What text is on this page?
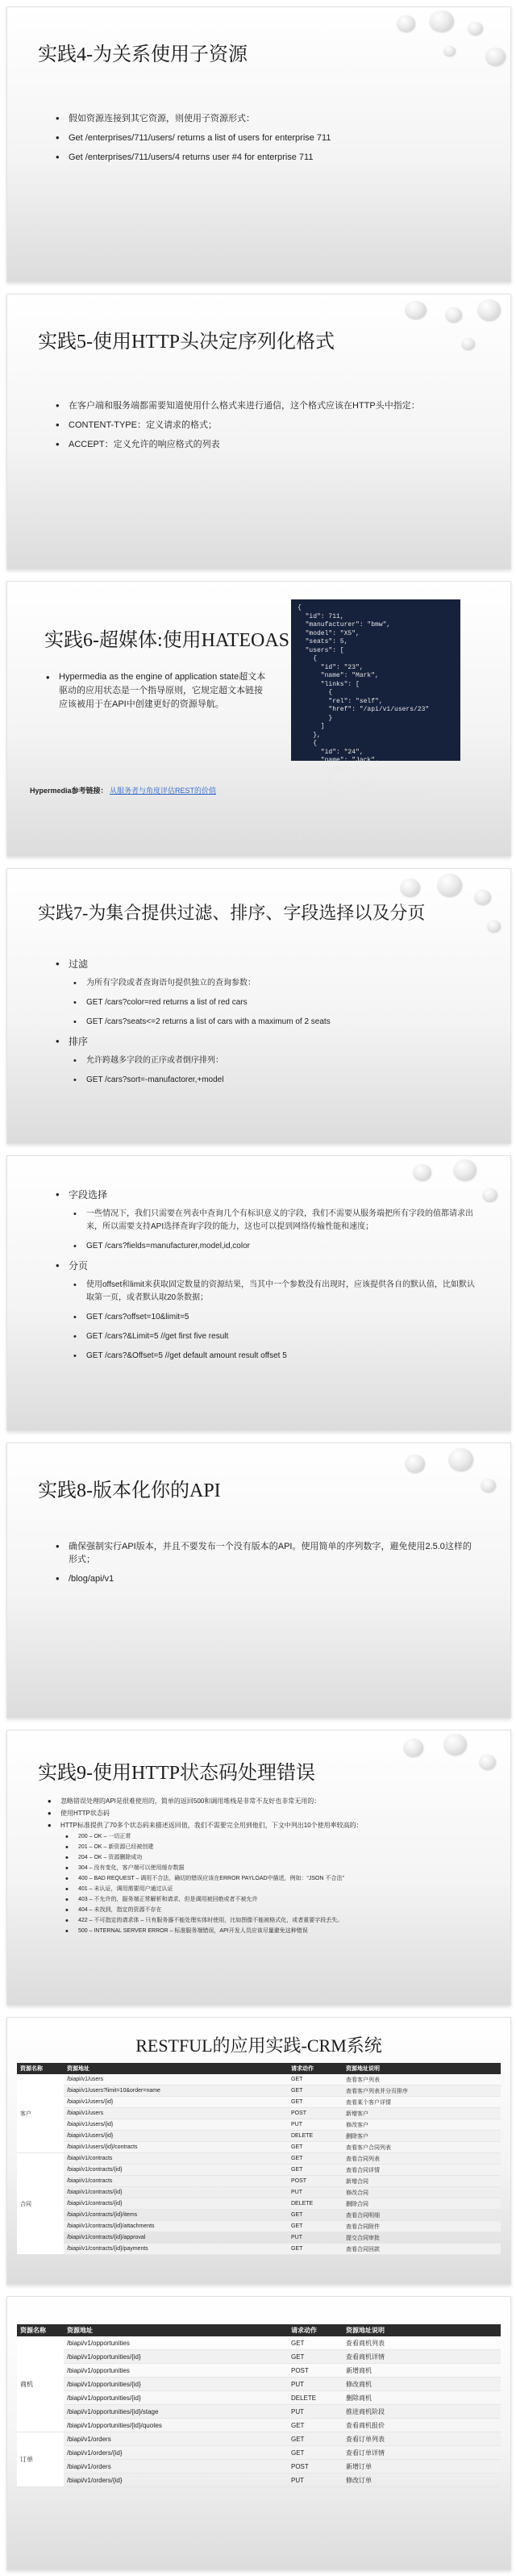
实践4-为关系使用子资源
• 假如资源连接到其它资源，则使用子资源形式：
• Get /enterprises/711/users/ returns a list of users for enterprise 711
• Get /enterprises/711/users/4 returns user #4 for enterprise 711
实践5-使用HTTP头决定序列化格式
• 在客户端和服务端都需要知道使用什么格式来进行通信，这个格式应该在HTTP头中指定：
• CONTENT-TYPE：定义请求的格式；
• ACCEPT：定义允许的响应格式的列表
实践6-超媒体:使用HATEOAS
• Hypermedia as the engine of application state超文本驱动的应用状态是一个指导原则，它规定超文本链接应该被用于在API中创建更好的资源导航。
Hypermedia参考链接： 从服务者与角度评估REST的价值
{
"id": 711,
"manufacturer": "bmw",
"model": "X5",
"seats": 5,
"users": [
{
"id": "23",
"name": "Mark",
"links": [
{
"rel": "self",
"href": "/api/v1/users/23"
}
]
},
{
"id": "24",
"name": "Jack",
"links": [
{
"rel": "self",
"href": "/api/v1/users/24"
}
]
}
]
}
实践7-为集合提供过滤、排序、字段选择以及分页
• 过滤
• 为所有字段或者查询语句提供独立的查询参数：
• GET /cars?color=red returns a list of red cars
• GET /cars?seats<=2 returns a list of cars with a maximum of 2 seats
• 排序
• 允许跨越多字段的正序或者倒序排列：
• GET /cars?sort=-manufactorer,+model
• 字段选择
• 一些情况下，我们只需要在列表中查询几个有标识意义的字段，我们不需要从服务端把所有字段的值都请求出来，所以需要支持API选择查询字段的能力，这也可以提到网络传输性能和速度；
• GET /cars?fields=manufacturer,model,id,color
• 分页
• 使用offset和limit来获取固定数量的资源结果，当其中一个参数没有出现时，应该提供各自的默认值，比如默认取第一页，或者默认取20条数据；
• GET /cars?offset=10&limit=5
• GET /cars?&Limit=5 //get first five result
• GET /cars?&Offset=5 //get default amount result offset 5
实践8-版本化你的API
• 确保强制实行API版本，并且不要发布一个没有版本的API。使用简单的序列数字，避免使用2.5.0这样的形式；
• /blog/api/v1
实践9-使用HTTP状态码处理错误
• 忽略错误处理的API是很难使用的，简单的返回500和调用堆栈是非常不友好也非常无用的：
• 使用HTTP状态码
• HTTP标准提供了70多个状态码来描述返回值，我们不需要完全用到他们，下文中列出10个使用率较高的：
• 200 – OK – 一切正常
• 201 – OK – 新资源已经被创建
• 204 – OK – 资源删除成功
• 304 – 没有变化，客户端可以使用缓存数据
• 400 – BAD REQUEST – 调用不合法，确切的错误应该在ERROR PAYLOAD中描述，例如：“JSON 不合法”
• 401 – 未认证，调用需要用户通过认证
• 403 – 不允许的，服务端正常解析和请求，但是调用被回绝或者不被允许
• 404 – 未找到，指定的资源不存在
• 422 – 不可指定的请求体 – 只有服务器不能处理实体时使用，比如图像不能被格式化，或者重要字段丢失。
• 500 – INTERNAL SERVER ERROR – 标准服务端错误，API开发人员应该尽量避免这种错误
RESTFUL的应用实践-CRM系统
资源名称	资源地址	请求动作	资源地址说明
客户	/biapi/v1/users	GET	查看客户列表
	/biapi/v1/users?limit=10&order=name	GET	查看客户列表并分页排序
	/biapi/v1/users/{id}	GET	查看某个客户详情
	/biapi/v1/users	POST	新增客户
	/biapi/v1/users/{id}	PUT	修改客户
	/biapi/v1/users/{id}	DELETE	删除客户
	/biapi/v1/users/{id}/contracts	GET	查看客户合同列表
合同	/biapi/v1/contracts	GET	查看合同列表
	/biapi/v1/contracts/{id}	GET	查看合同详情
	/biapi/v1/contracts	POST	新增合同
	/biapi/v1/contracts/{id}	PUT	修改合同
	/biapi/v1/contracts/{id}	DELETE	删除合同
	/biapi/v1/contracts/{id}/items	GET	查看合同明细
	/biapi/v1/contracts/{id}/attachments	GET	查看合同附件
	/biapi/v1/contracts/{id}/approval	PUT	提交合同审批
	/biapi/v1/contracts/{id}/payments	GET	查看合同回款
资源名称	资源地址	请求动作	资源地址说明
商机	/biapi/v1/opportunities	GET	查看商机列表
	/biapi/v1/opportunities/{id}	GET	查看商机详情
	/biapi/v1/opportunities	POST	新增商机
	/biapi/v1/opportunities/{id}	PUT	修改商机
	/biapi/v1/opportunities/{id}	DELETE	删除商机
	/biapi/v1/opportunities/{id}/stage	PUT	推进商机阶段
	/biapi/v1/opportunities/{id}/quotes	GET	查看商机报价
订单	/biapi/v1/orders	GET	查看订单列表
	/biapi/v1/orders/{id}	GET	查看订单详情
	/biapi/v1/orders	POST	新增订单
	/biapi/v1/orders/{id}	PUT	修改订单
